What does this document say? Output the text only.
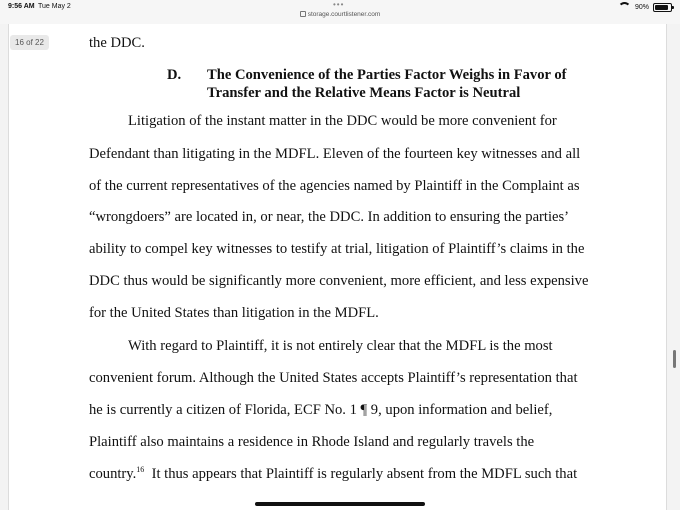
9:56 AM Tue May 2	•••
storage.courtlistener.com
90%
16 of 22	the DDC.
D. The Convenience of the Parties Factor Weighs in Favor of
Transfer and the Relative Means Factor is Neutral
Litigation of the instant matter in the DDC would be more convenient for
Defendant than litigating in the MDFL. Eleven of the fourteen key witnesses and all
of the current representatives of the agencies named by Plaintiff in the Complaint as
“wrongdoers” are located in, or near, the DDC. In addition to ensuring the parties’
ability to compel key witnesses to testify at trial, litigation of Plaintiff’s claims in the
DDC thus would be significantly more convenient, more efficient, and less expensive
for the United States than litigation in the MDFL.
With regard to Plaintiff, it is not entirely clear that the MDFL is the most
convenient forum. Although the United States accepts Plaintiff’s representation that
he is currently a citizen of Florida, ECF No. 1 ¶ 9, upon information and belief,
Plaintiff also maintains a residence in Rhode Island and regularly travels the
country.$^{16}$  It thus appears that Plaintiff is regularly absent from the MDFL such that
